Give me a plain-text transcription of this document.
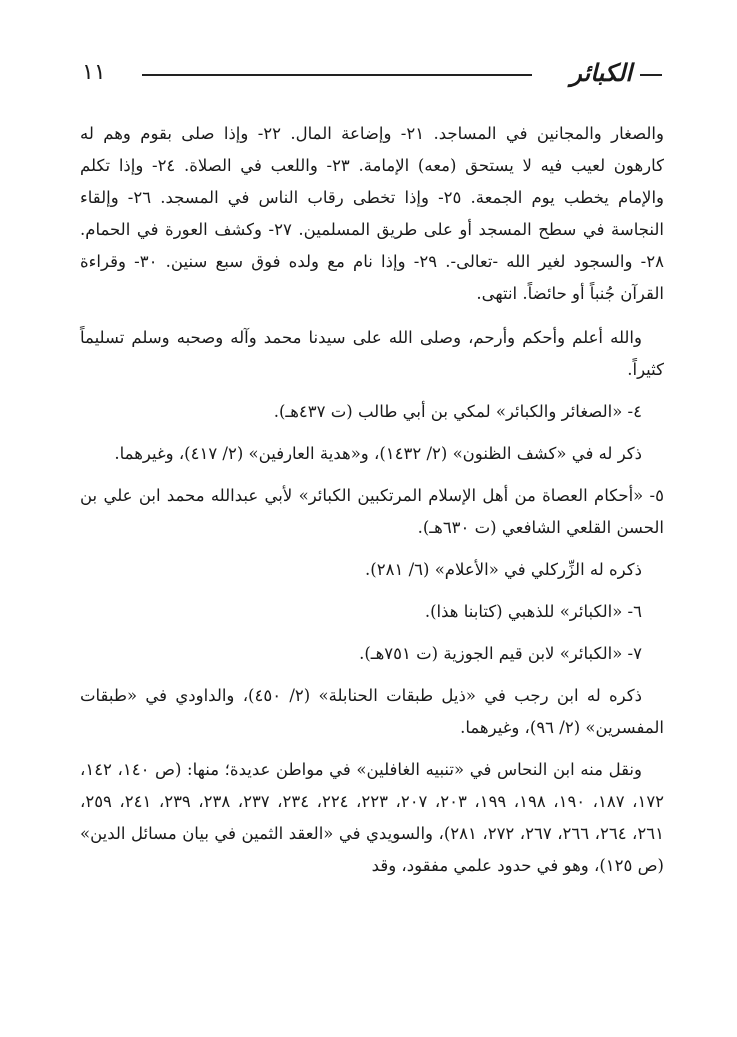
١١	الكبائر

والصغار والمجانين في المساجد. ٢١- وإضاعة المال. ٢٢- وإذا صلى بقوم وهم له كارهون لعيب فيه لا يستحق (معه) الإمامة. ٢٣- واللعب في الصلاة. ٢٤- وإذا تكلم والإمام يخطب يوم الجمعة. ٢٥- وإذا تخطى رقاب الناس في المسجد. ٢٦- وإلقاء النجاسة في سطح المسجد أو على طريق المسلمين. ٢٧- وكشف العورة في الحمام. ٢٨- والسجود لغير الله -تعالى-. ٢٩- وإذا نام مع ولده فوق سبع سنين. ٣٠- وقراءة القرآن جُنباً أو حائضاً. انتهى.

والله أعلم وأحكم وأرحم، وصلى الله على سيدنا محمد وآله وصحبه وسلم تسليماً كثيراً.

٤- «الصغائر والكبائر» لمكي بن أبي طالب (ت ٤٣٧هـ).

ذكر له في «كشف الظنون» (٢/ ١٤٣٢)، و«هدية العارفين» (٢/ ٤١٧)، وغيرهما.

٥- «أحكام العصاة من أهل الإسلام المرتكبين الكبائر» لأبي عبدالله محمد ابن علي بن الحسن القلعي الشافعي (ت ٦٣٠هـ).

ذكره له الزِّركلي في «الأعلام» (٦/ ٢٨١).

٦- «الكبائر» للذهبي (كتابنا هذا).

٧- «الكبائر» لابن قيم الجوزية (ت ٧٥١هـ).

ذكره له ابن رجب في «ذيل طبقات الحنابلة» (٢/ ٤٥٠)، والداودي في «طبقات المفسرين» (٢/ ٩٦)، وغيرهما.

ونقل منه ابن النحاس في «تنبيه الغافلين» في مواطن عديدة؛ منها: (ص ١٤٠، ١٤٢، ١٧٢، ١٨٧، ١٩٠، ١٩٨، ١٩٩، ٢٠٣، ٢٠٧، ٢٢٣، ٢٢٤، ٢٣٤، ٢٣٧، ٢٣٨، ٢٣٩، ٢٤١، ٢٥٩، ٢٦١، ٢٦٤، ٢٦٦، ٢٦٧، ٢٧٢، ٢٨١)، والسويدي في «العقد الثمين في بيان مسائل الدين» (ص ١٢٥)، وهو في حدود علمي مفقود، وقد
